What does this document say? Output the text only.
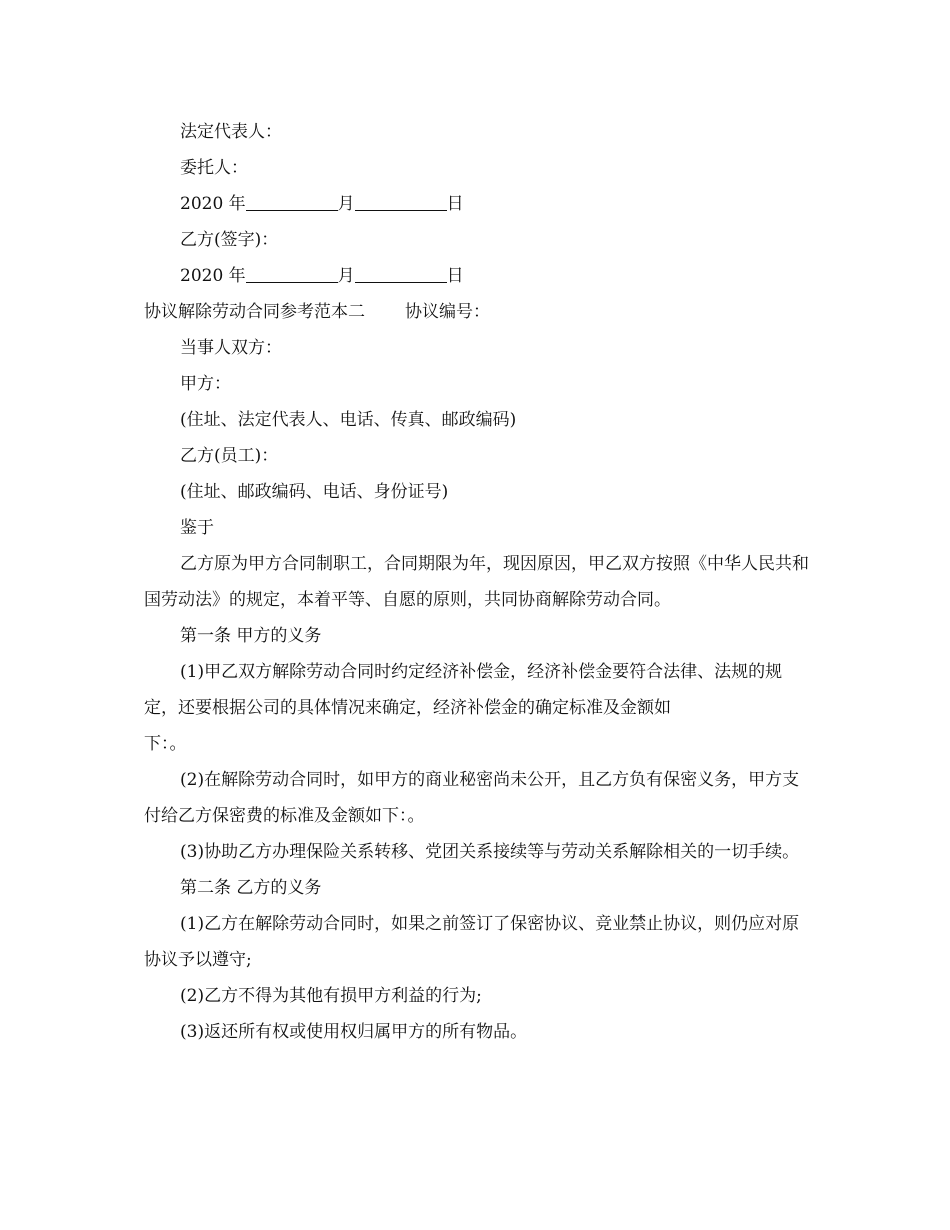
法定代表人：

委托人：

2020 年	月	日

乙方(签字)：

2020 年	月	日

协议解除劳动合同参考范本二 协议编号：

当事人双方：

甲方：

(住址、法定代表人、电话、传真、邮政编码)

乙方(员工)：

(住址、邮政编码、电话、身份证号)

鉴于

乙方原为甲方合同制职工，合同期限为年，现因原因，甲乙双方按照《中华人民共和国劳动法》的规定，本着平等、自愿的原则，共同协商解除劳动合同。

第一条 甲方的义务

(1)甲乙双方解除劳动合同时约定经济补偿金，经济补偿金要符合法律、法规的规定，还要根据公司的具体情况来确定，经济补偿金的确定标准及金额如

下：。

(2)在解除劳动合同时，如甲方的商业秘密尚未公开，且乙方负有保密义务，甲方支付给乙方保密费的标准及金额如下：。

(3)协助乙方办理保险关系转移、党团关系接续等与劳动关系解除相关的一切手续。

第二条 乙方的义务

(1)乙方在解除劳动合同时，如果之前签订了保密协议、竞业禁止协议，则仍应对原协议予以遵守;

(2)乙方不得为其他有损甲方利益的行为;

(3)返还所有权或使用权归属甲方的所有物品。
